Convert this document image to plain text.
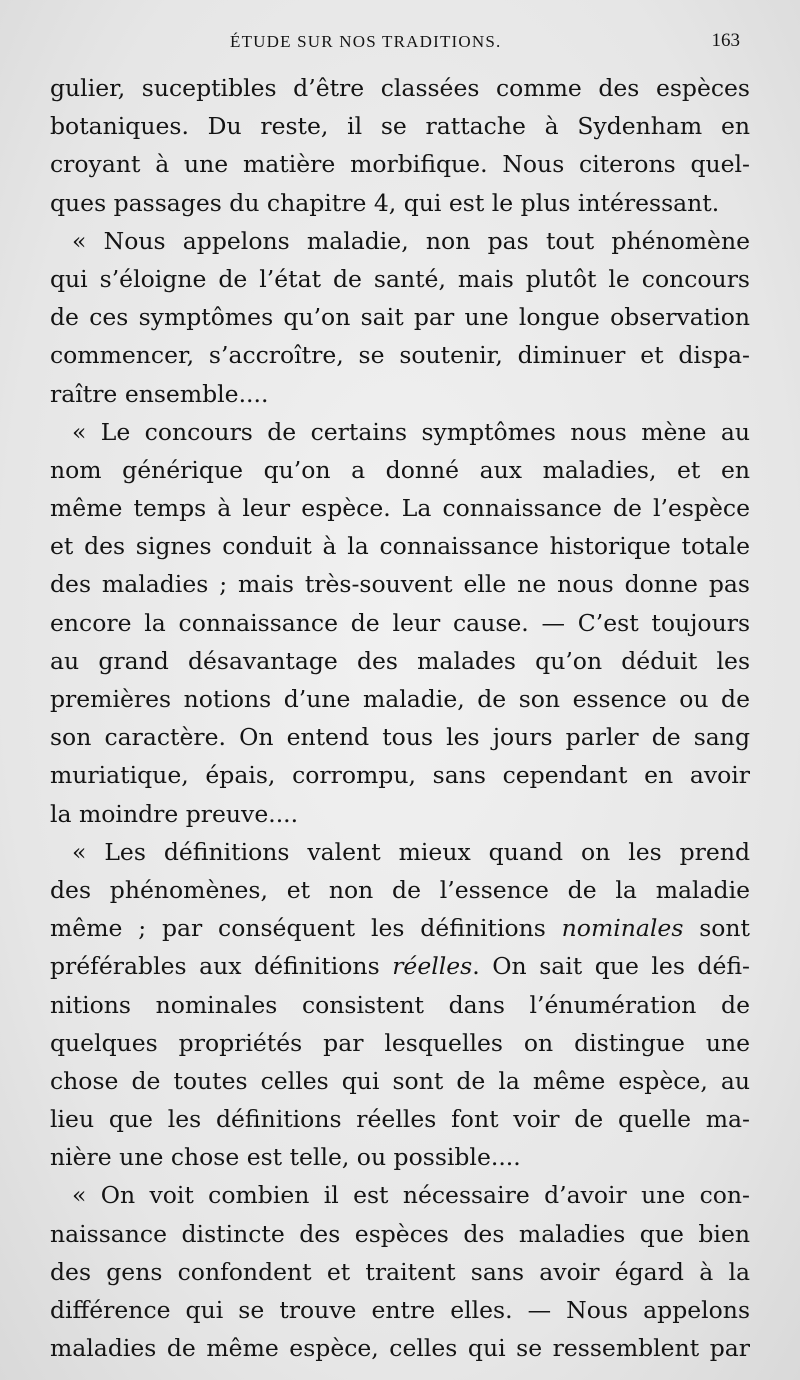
ÉTUDE SUR NOS TRADITIONS.	163
gulier, suceptibles d’être classées comme des espèces
botaniques. Du reste, il se rattache à Sydenham en
croyant à une matière morbifique. Nous citerons quel-
ques passages du chapitre 4, qui est le plus intéressant.
« Nous appelons maladie, non pas tout phénomène
qui s’éloigne de l’état de santé, mais plutôt le concours
de ces symptômes qu’on sait par une longue observation
commencer, s’accroître, se soutenir, diminuer et dispa-
raître ensemble....
« Le concours de certains symptômes nous mène au
nom générique qu’on a donné aux maladies, et en
même temps à leur espèce. La connaissance de l’espèce
et des signes conduit à la connaissance historique totale
des maladies ; mais très-souvent elle ne nous donne pas
encore la connaissance de leur cause. — C’est toujours
au grand désavantage des malades qu’on déduit les
premières notions d’une maladie, de son essence ou de
son caractère. On entend tous les jours parler de sang
muriatique, épais, corrompu, sans cependant en avoir
la moindre preuve....
« Les définitions valent mieux quand on les prend
des phénomènes, et non de l’essence de la maladie
même ; par conséquent les définitions nominales sont
préférables aux définitions réelles. On sait que les défi-
nitions nominales consistent dans l’énumération de
quelques propriétés par lesquelles on distingue une
chose de toutes celles qui sont de la même espèce, au
lieu que les définitions réelles font voir de quelle ma-
nière une chose est telle, ou possible....
« On voit combien il est nécessaire d’avoir une con-
naissance distincte des espèces des maladies que bien
des gens confondent et traitent sans avoir égard à la
différence qui se trouve entre elles. — Nous appelons
maladies de même espèce, celles qui se ressemblent par
